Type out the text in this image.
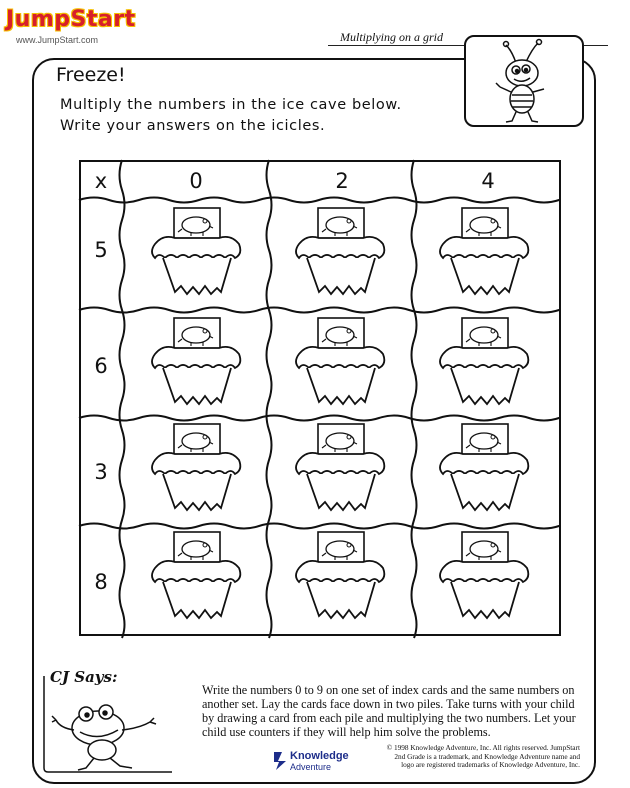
JumpStart
www.JumpStart.com	Multiplying on a grid
Freeze!
Multiply the numbers in the ice cave below.
Write your answers on the icicles.
x	0	2	4
5
6
3
8
CJ Says:
Write the numbers 0 to 9 on one set of index cards and the same numbers on another set. Lay the cards face down in two piles. Take turns with your child by drawing a card from each pile and multiplying the two numbers. Let your child use counters if they will help him solve the problems.
Knowledge
Adventure
© 1998 Knowledge Adventure, Inc. All rights reserved. JumpStart 2nd Grade is a trademark, and Knowledge Adventure name and logo are registered trademarks of Knowledge Adventure, Inc.
